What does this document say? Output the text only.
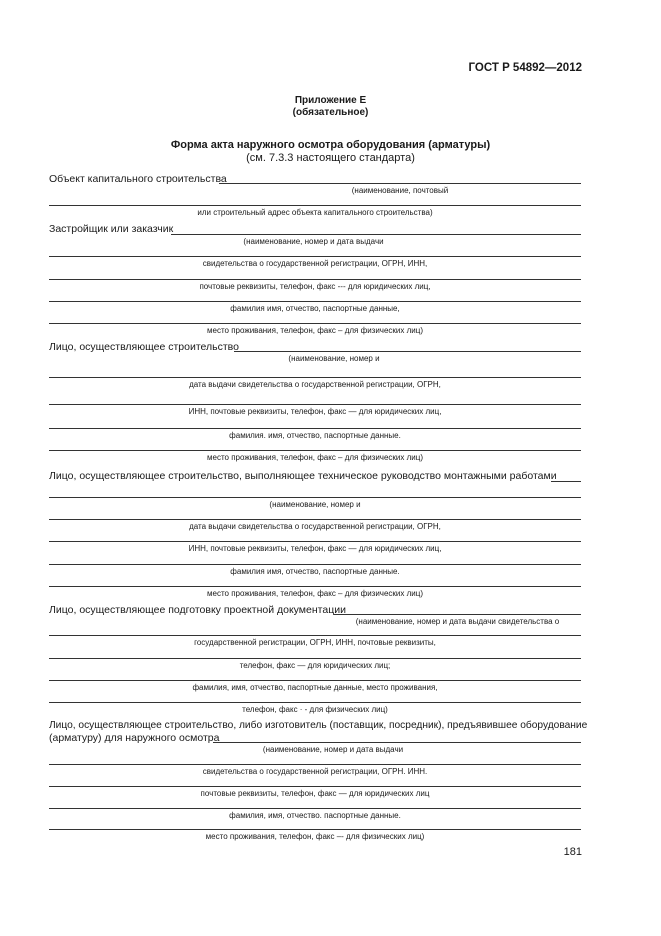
ГОСТ Р 54892—2012
Приложение Е
(обязательное)
Форма акта наружного осмотра оборудования (арматуры)
(см. 7.3.3 настоящего стандарта)
Объект капитального строительства
(наименование, почтовый
или строительный адрес объекта капитального строительства)
Застройщик или заказчик
(наименование, номер и дата выдачи
свидетельства о государственной регистрации, ОГРН, ИНН,
почтовые реквизиты, телефон, факс --- для юридических лиц,
фамилия имя, отчество, паспортные данные,
место проживания, телефон, факс – для физических лиц)
Лицо, осуществляющее строительство
(наименование, номер и
дата выдачи свидетельства о государственной регистрации, ОГРН,
ИНН, почтовые реквизиты, телефон, факс — для юридических лиц,
фамилия. имя, отчество, паспортные данные.
место проживания, телефон, факс – для физических лиц)
Лицо, осуществляющее строительство, выполняющее техническое руководство монтажными работами
(наименование, номер и
дата выдачи свидетельства о государственной регистрации, ОГРН,
ИНН, почтовые реквизиты, телефон, факс — для юридических лиц,
фамилия имя, отчество, паспортные данные.
место проживания, телефон, факс – для физических лиц)
Лицо, осуществляющее подготовку проектной документации
(наименование, номер и дата выдачи свидетельства о
государственной регистрации, ОГРН, ИНН, почтовые реквизиты,
телефон, факс — для юридических лиц;
фамилия, имя, отчество, паспортные данные, место проживания,
телефон, факс · - для физических лиц)
Лицо, осуществляющее строительство, либо изготовитель (поставщик, посредник), предъявившее оборудование
(арматуру) для наружного осмотра
(наименование, номер и дата выдачи
свидетельства о государственной регистрации, ОГРН. ИНН.
почтовые реквизиты, телефон, факс — для юридических лиц
фамилия, имя, отчество. паспортные данные.
место проживания, телефон, факс –- для физических лиц)
181
